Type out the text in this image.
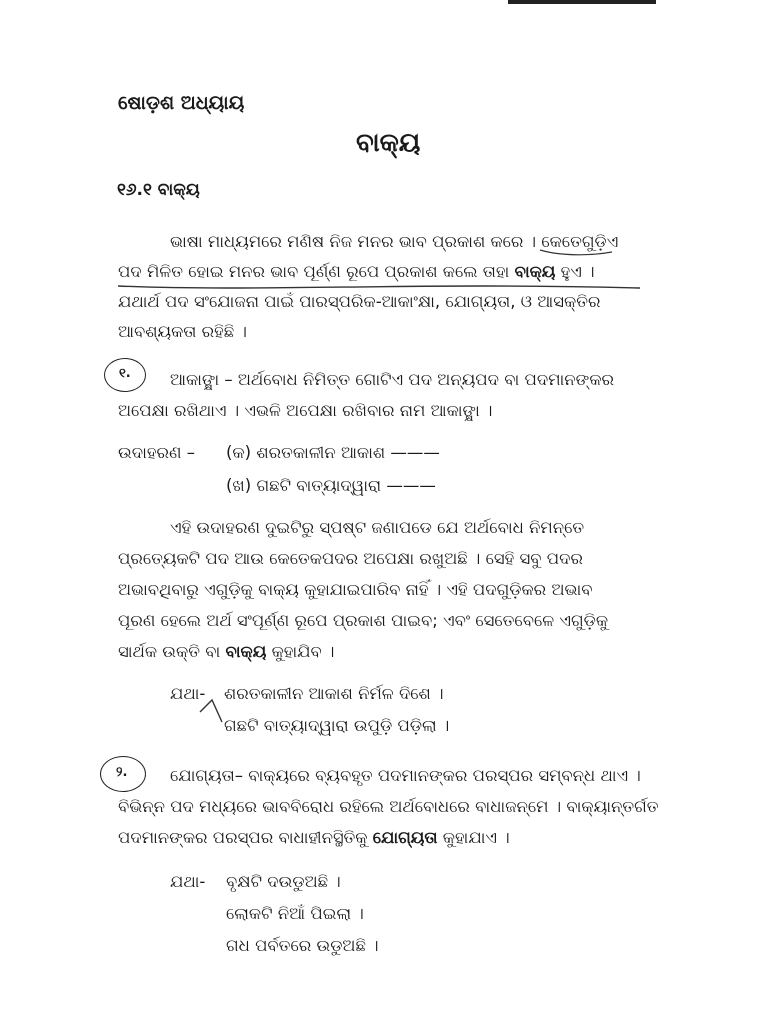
ଷୋଡ଼ଶ ଅଧ୍ୟାୟ
ବାକ୍ୟ
୧୬.୧ ବାକ୍ୟ
ଭାଷା ମାଧ୍ୟମରେ ମଣିଷ ନିଜ ମନର ଭାବ ପ୍ରକାଶ କରେ । କେତେଗୁଡ଼ିଏ
ପଦ ମିଳିତ ହୋଇ ମନର ଭାବ ପୂର୍ଣ୍ଣ ରୂପେ ପ୍ରକାଶ କଲେ ତାହା ବାକ୍ୟ ହୁଏ ।
ଯଥାର୍ଥ ପଦ ସଂଯୋଜନା ପାଇଁ ପାରସ୍ପରିକ-ଆକାଂକ୍ଷା, ଯୋଗ୍ୟତା, ଓ ଆସକ୍ତିର
ଆବଶ୍ୟକତା ରହିଛି ।
୧. ଆକାଙ୍କ୍ଷା – ଅର୍ଥବୋଧ ନିମିତ୍ତ ଗୋଟିଏ ପଦ ଅନ୍ୟପଦ ବା ପଦମାନଙ୍କର
ଅପେକ୍ଷା ରଖିଥାଏ । ଏଭଳି ଅପେକ୍ଷା ରଖିବାର ନାମ ଆକାଙ୍କ୍ଷା ।
ଉଦାହରଣ – (କ) ଶରତକାଳୀନ ଆକାଶ ———
(ଖ) ଗଛଟି ବାତ୍ୟାଦ୍ୱାରା ———
ଏହି ଉଦାହରଣ ଦୁଇଟିରୁ ସ୍ପଷ୍ଟ ଜଣାପଡେ ଯେ ଅର୍ଥବୋଧ ନିମନ୍ତେ
ପ୍ରତ୍ୟେକଟି ପଦ ଆଉ କେତେକପଦର ଅପେକ୍ଷା ରଖୁଅଛି । ସେହି ସବୁ ପଦର
ଅଭାବଥିବାରୁ ଏଗୁଡ଼ିକୁ ବାକ୍ୟ କୁହାଯାଇପାରିବ ନାହିଁ । ଏହି ପଦଗୁଡ଼ିକର ଅଭାବ
ପୂରଣ ହେଲେ ଅର୍ଥ ସଂପୂର୍ଣ୍ଣ ରୂପେ ପ୍ରକାଶ ପାଇବ; ଏବଂ ସେତେବେଳେ ଏଗୁଡ଼ିକୁ
ସାର୍ଥକ ଉକ୍ତି ବା ବାକ୍ୟ କୁହାଯିବ ।
ଯଥା- ଶରତକାଳୀନ ଆକାଶ ନିର୍ମଳ ଦିଶେ ।
ଗଛଟି ବାତ୍ୟାଦ୍ୱାରା ଉପୁଡ଼ି ପଡ଼ିଲା ।
୨.	ଯୋଗ୍ୟତା– ବାକ୍ୟରେ ବ୍ୟବହୃତ ପଦମାନଙ୍କର ପରସ୍ପର ସମ୍ବନ୍ଧ ଥାଏ ।
ବିଭିନ୍ନ ପଦ ମଧ୍ୟରେ ଭାବବିରୋଧ ରହିଲେ ଅର୍ଥବୋଧରେ ବାଧାଜନ୍ମେ । ବାକ୍ୟାନ୍ତର୍ଗତ
ପଦମାନଙ୍କର ପରସ୍ପର ବାଧାହୀନସ୍ଥିତିକୁ ଯୋଗ୍ୟତା କୁହାଯାଏ ।
ଯଥା- ବୃକ୍ଷଟି ଦଉଡୁଅଛି ।
ଲୋକଟି ନିଆଁ ପିଇଲା ।
ଗଧ ପର୍ବତରେ ଉଡୁଅଛି ।
